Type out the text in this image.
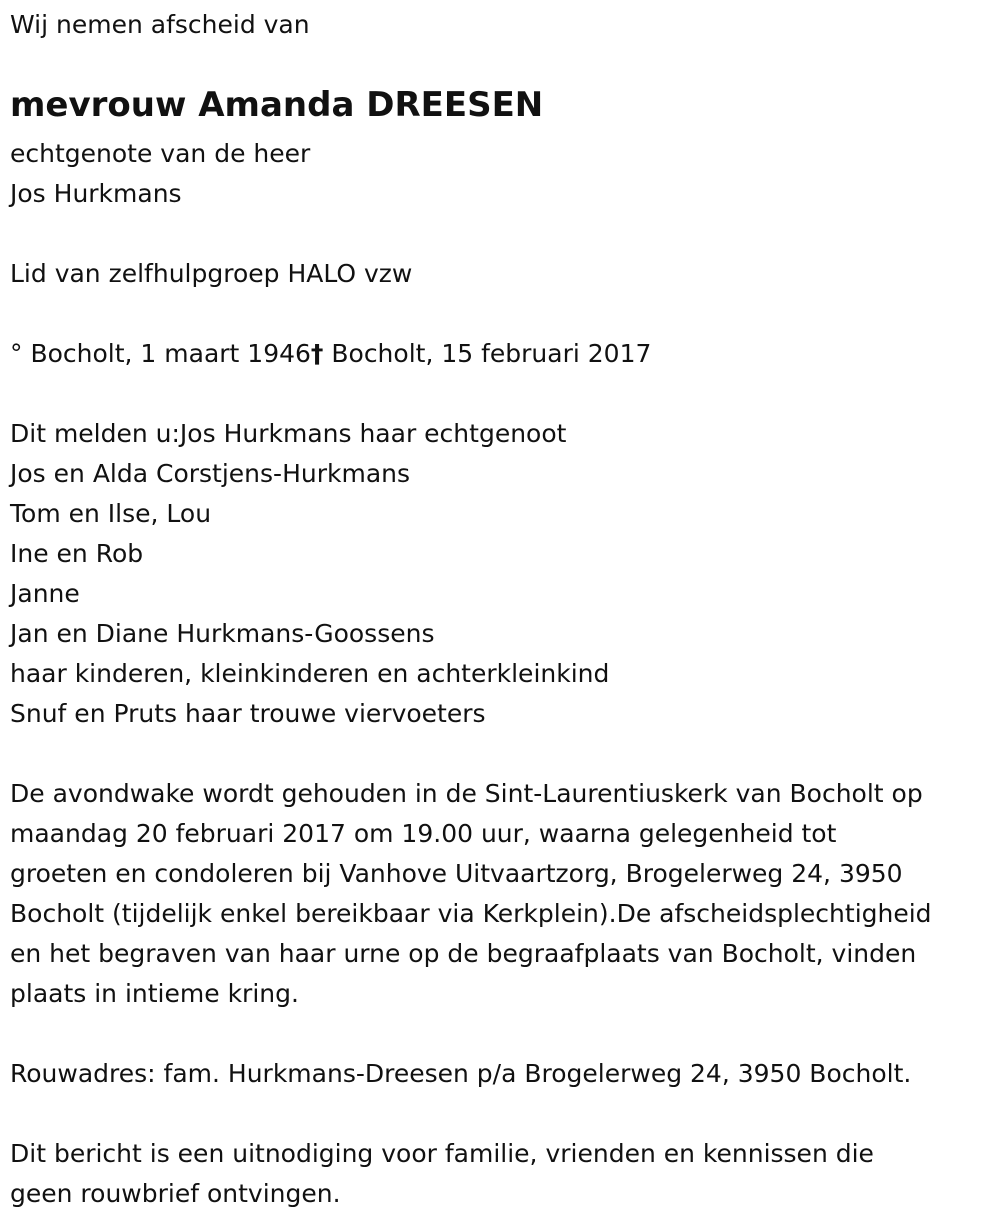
Wij nemen afscheid van
mevrouw Amanda DREESEN
echtgenote van de heer
Jos Hurkmans
Lid van zelfhulpgroep HALO vzw
° Bocholt, 1 maart 1946† Bocholt, 15 februari 2017
Dit melden u:Jos Hurkmans haar echtgenoot
Jos en Alda Corstjens-Hurkmans
Tom en Ilse, Lou
Ine en Rob
Janne
Jan en Diane Hurkmans-Goossens
haar kinderen, kleinkinderen en achterkleinkind
Snuf en Pruts haar trouwe viervoeters
De avondwake wordt gehouden in de Sint-Laurentiuskerk van Bocholt op
maandag 20 februari 2017 om 19.00 uur, waarna gelegenheid tot
groeten en condoleren bij Vanhove Uitvaartzorg, Brogelerweg 24, 3950
Bocholt (tijdelijk enkel bereikbaar via Kerkplein).De afscheidsplechtigheid
en het begraven van haar urne op de begraafplaats van Bocholt, vinden
plaats in intieme kring.
Rouwadres: fam. Hurkmans-Dreesen p/a Brogelerweg 24, 3950 Bocholt.
Dit bericht is een uitnodiging voor familie, vrienden en kennissen die
geen rouwbrief ontvingen.
